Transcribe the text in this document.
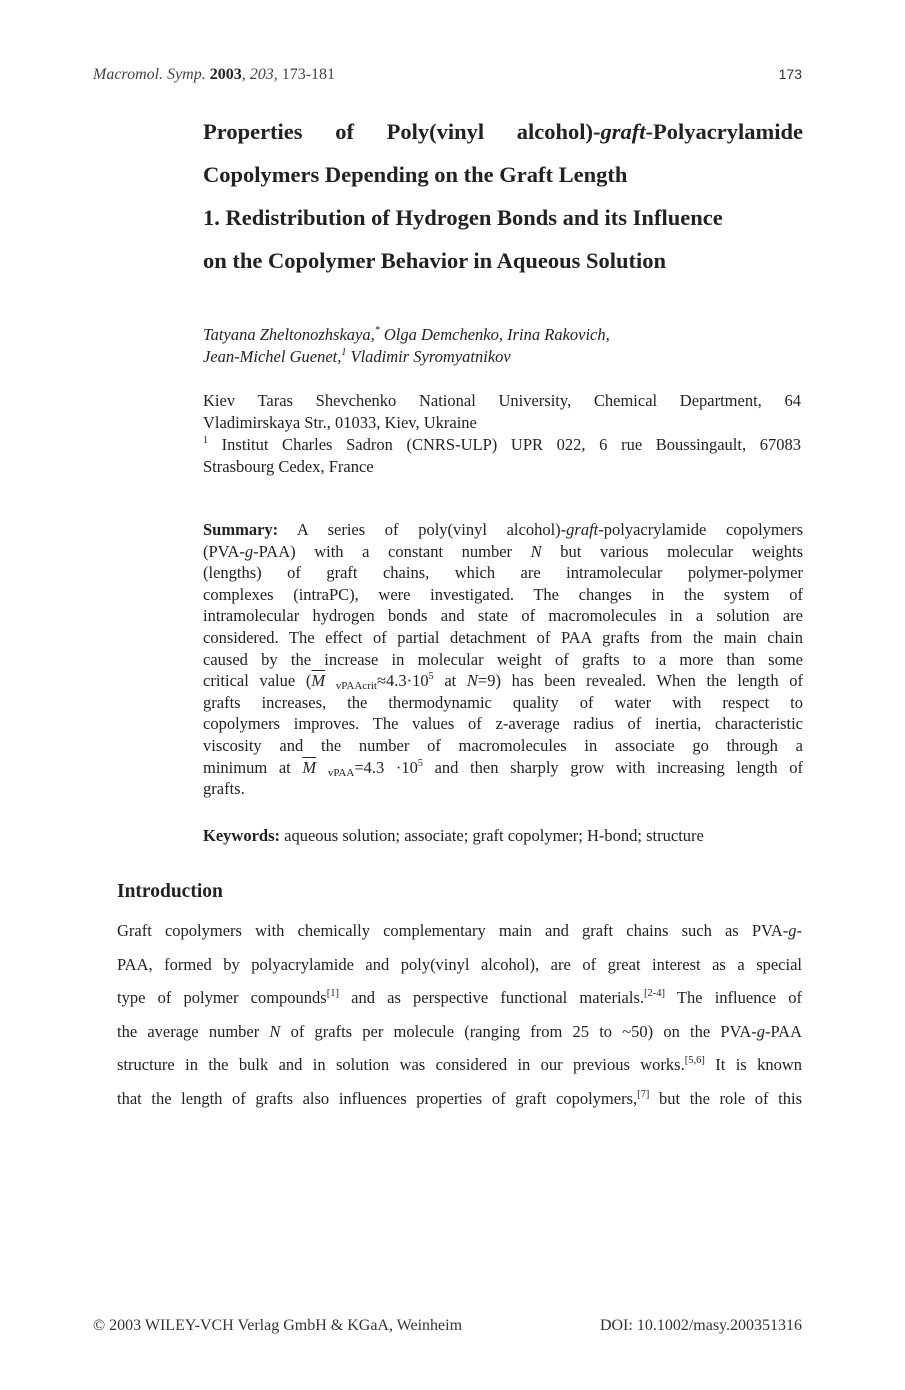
Macromol. Symp. 2003, 203, 173-181	173
Properties of Poly(vinyl alcohol)-graft-Polyacrylamide
Copolymers Depending on the Graft Length
1. Redistribution of Hydrogen Bonds and its Influence
on the Copolymer Behavior in Aqueous Solution
Tatyana Zheltonozhskaya,* Olga Demchenko, Irina Rakovich,
Jean-Michel Guenet,$^1$ Vladimir Syromyatnikov
Kiev Taras Shevchenko National University, Chemical Department, 64
Vladimirskaya Str., 01033, Kiev, Ukraine
$^1$ Institut Charles Sadron (CNRS-ULP) UPR 022, 6 rue Boussingault, 67083
Strasbourg Cedex, France
Summary: A series of poly(vinyl alcohol)-graft-polyacrylamide copolymers
(PVA-g-PAA) with a constant number N but various molecular weights
(lengths) of graft chains, which are intramolecular polymer-polymer
complexes (intraPC), were investigated. The changes in the system of
intramolecular hydrogen bonds and state of macromolecules in a solution are
considered. The effect of partial detachment of PAA grafts from the main chain
caused by the increase in molecular weight of grafts to a more than some
critical value ($\overline{M}$ $_{vPAAcrit}\approx 4.3\cdot 10^5$ at N=9) has been revealed. When the length of
grafts increases, the thermodynamic quality of water with respect to
copolymers improves. The values of z-average radius of inertia, characteristic
viscosity and the number of macromolecules in associate go through a
minimum at $\overline{M}$ $_{vPAA}=4.3 \cdot 10^5$ and then sharply grow with increasing length of
grafts.
Keywords: aqueous solution; associate; graft copolymer; H-bond; structure
Introduction
Graft copolymers with chemically complementary main and graft chains such as PVA-g-
PAA, formed by polyacrylamide and poly(vinyl alcohol), are of great interest as a special
type of polymer compounds[1] and as perspective functional materials.[2-4] The influence of
the average number N of grafts per molecule (ranging from 25 to ~50) on the PVA-g-PAA
structure in the bulk and in solution was considered in our previous works.[5,6] It is known
that the length of grafts also influences properties of graft copolymers,[7] but the role of this
© 2003 WILEY-VCH Verlag GmbH & KGaA, Weinheim	DOI: 10.1002/masy.200351316
